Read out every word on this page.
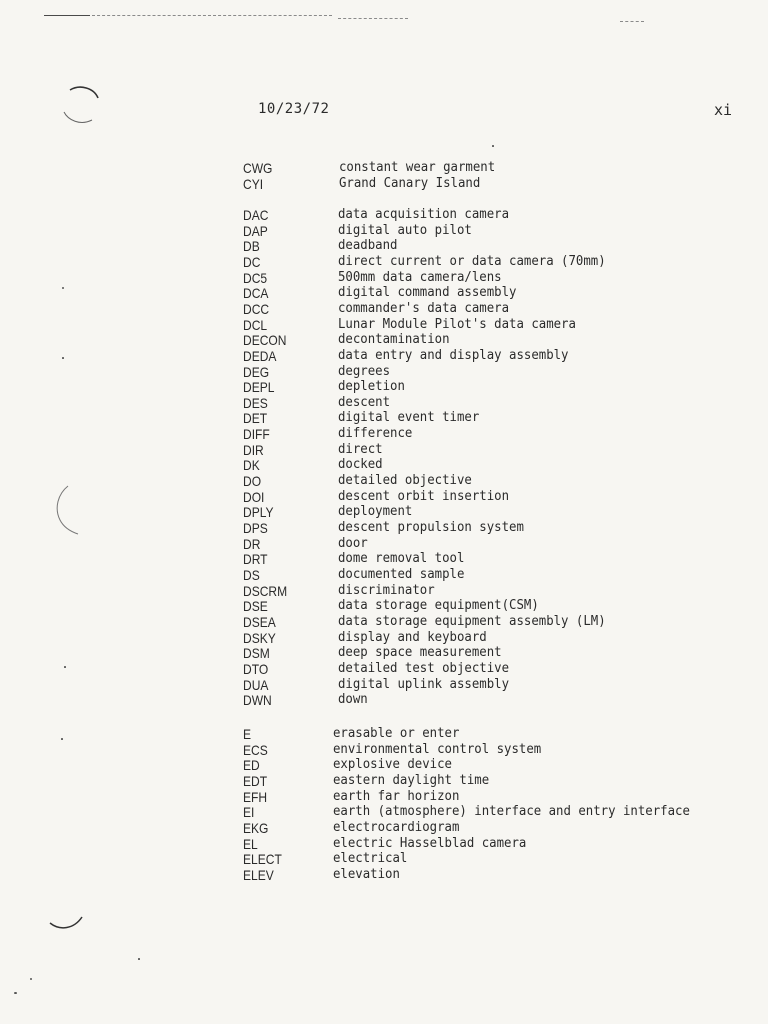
10/23/72	xi
CWG	constant wear garment
CYI	Grand Canary Island
DAC	data acquisition camera
DAP	digital auto pilot
DB	deadband
DC	direct current or data camera (70mm)
DC5	500mm data camera/lens
DCA	digital command assembly
DCC	commander's data camera
DCL	Lunar Module Pilot's data camera
DECON	decontamination
DEDA	data entry and display assembly
DEG	degrees
DEPL	depletion
DES	descent
DET	digital event timer
DIFF	difference
DIR	direct
DK	docked
DO	detailed objective
DOI	descent orbit insertion
DPLY	deployment
DPS	descent propulsion system
DR	door
DRT	dome removal tool
DS	documented sample
DSCRM	discriminator
DSE	data storage equipment(CSM)
DSEA	data storage equipment assembly (LM)
DSKY	display and keyboard
DSM	deep space measurement
DTO	detailed test objective
DUA	digital uplink assembly
DWN	down
E	erasable or enter
ECS	environmental control system
ED	explosive device
EDT	eastern daylight time
EFH	earth far horizon
EI	earth (atmosphere) interface and entry interface
EKG	electrocardiogram
EL	electric Hasselblad camera
ELECT	electrical
ELEV	elevation
